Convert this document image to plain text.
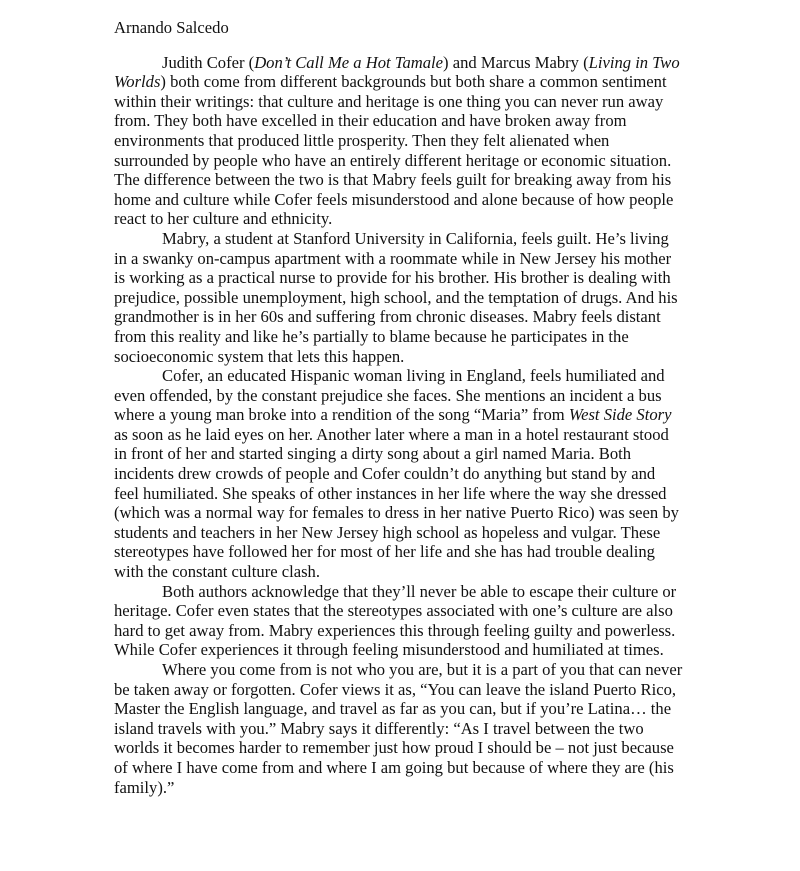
Arnando Salcedo

Judith Cofer (Don’t Call Me a Hot Tamale) and Marcus Mabry (Living in Two Worlds) both come from different backgrounds but both share a common sentiment within their writings: that culture and heritage is one thing you can never run away from. They both have excelled in their education and have broken away from environments that produced little prosperity. Then they felt alienated when surrounded by people who have an entirely different heritage or economic situation. The difference between the two is that Mabry feels guilt for breaking away from his home and culture while Cofer feels misunderstood and alone because of how people react to her culture and ethnicity.

Mabry, a student at Stanford University in California, feels guilt. He’s living in a swanky on-campus apartment with a roommate while in New Jersey his mother is working as a practical nurse to provide for his brother. His brother is dealing with prejudice, possible unemployment, high school, and the temptation of drugs. And his grandmother is in her 60s and suffering from chronic diseases. Mabry feels distant from this reality and like he’s partially to blame because he participates in the socioeconomic system that lets this happen.

Cofer, an educated Hispanic woman living in England, feels humiliated and even offended, by the constant prejudice she faces. She mentions an incident a bus where a young man broke into a rendition of the song “Maria” from West Side Story as soon as he laid eyes on her. Another later where a man in a hotel restaurant stood in front of her and started singing a dirty song about a girl named Maria. Both incidents drew crowds of people and Cofer couldn’t do anything but stand by and feel humiliated. She speaks of other instances in her life where the way she dressed (which was a normal way for females to dress in her native Puerto Rico) was seen by students and teachers in her New Jersey high school as hopeless and vulgar. These stereotypes have followed her for most of her life and she has had trouble dealing with the constant culture clash.

Both authors acknowledge that they’ll never be able to escape their culture or heritage. Cofer even states that the stereotypes associated with one’s culture are also hard to get away from. Mabry experiences this through feeling guilty and powerless. While Cofer experiences it through feeling misunderstood and humiliated at times.

Where you come from is not who you are, but it is a part of you that can never be taken away or forgotten. Cofer views it as, “You can leave the island Puerto Rico, Master the English language, and travel as far as you can, but if you’re Latina… the island travels with you.” Mabry says it differently: “As I travel between the two worlds it becomes harder to remember just how proud I should be – not just because of where I have come from and where I am going but because of where they are (his family).”
